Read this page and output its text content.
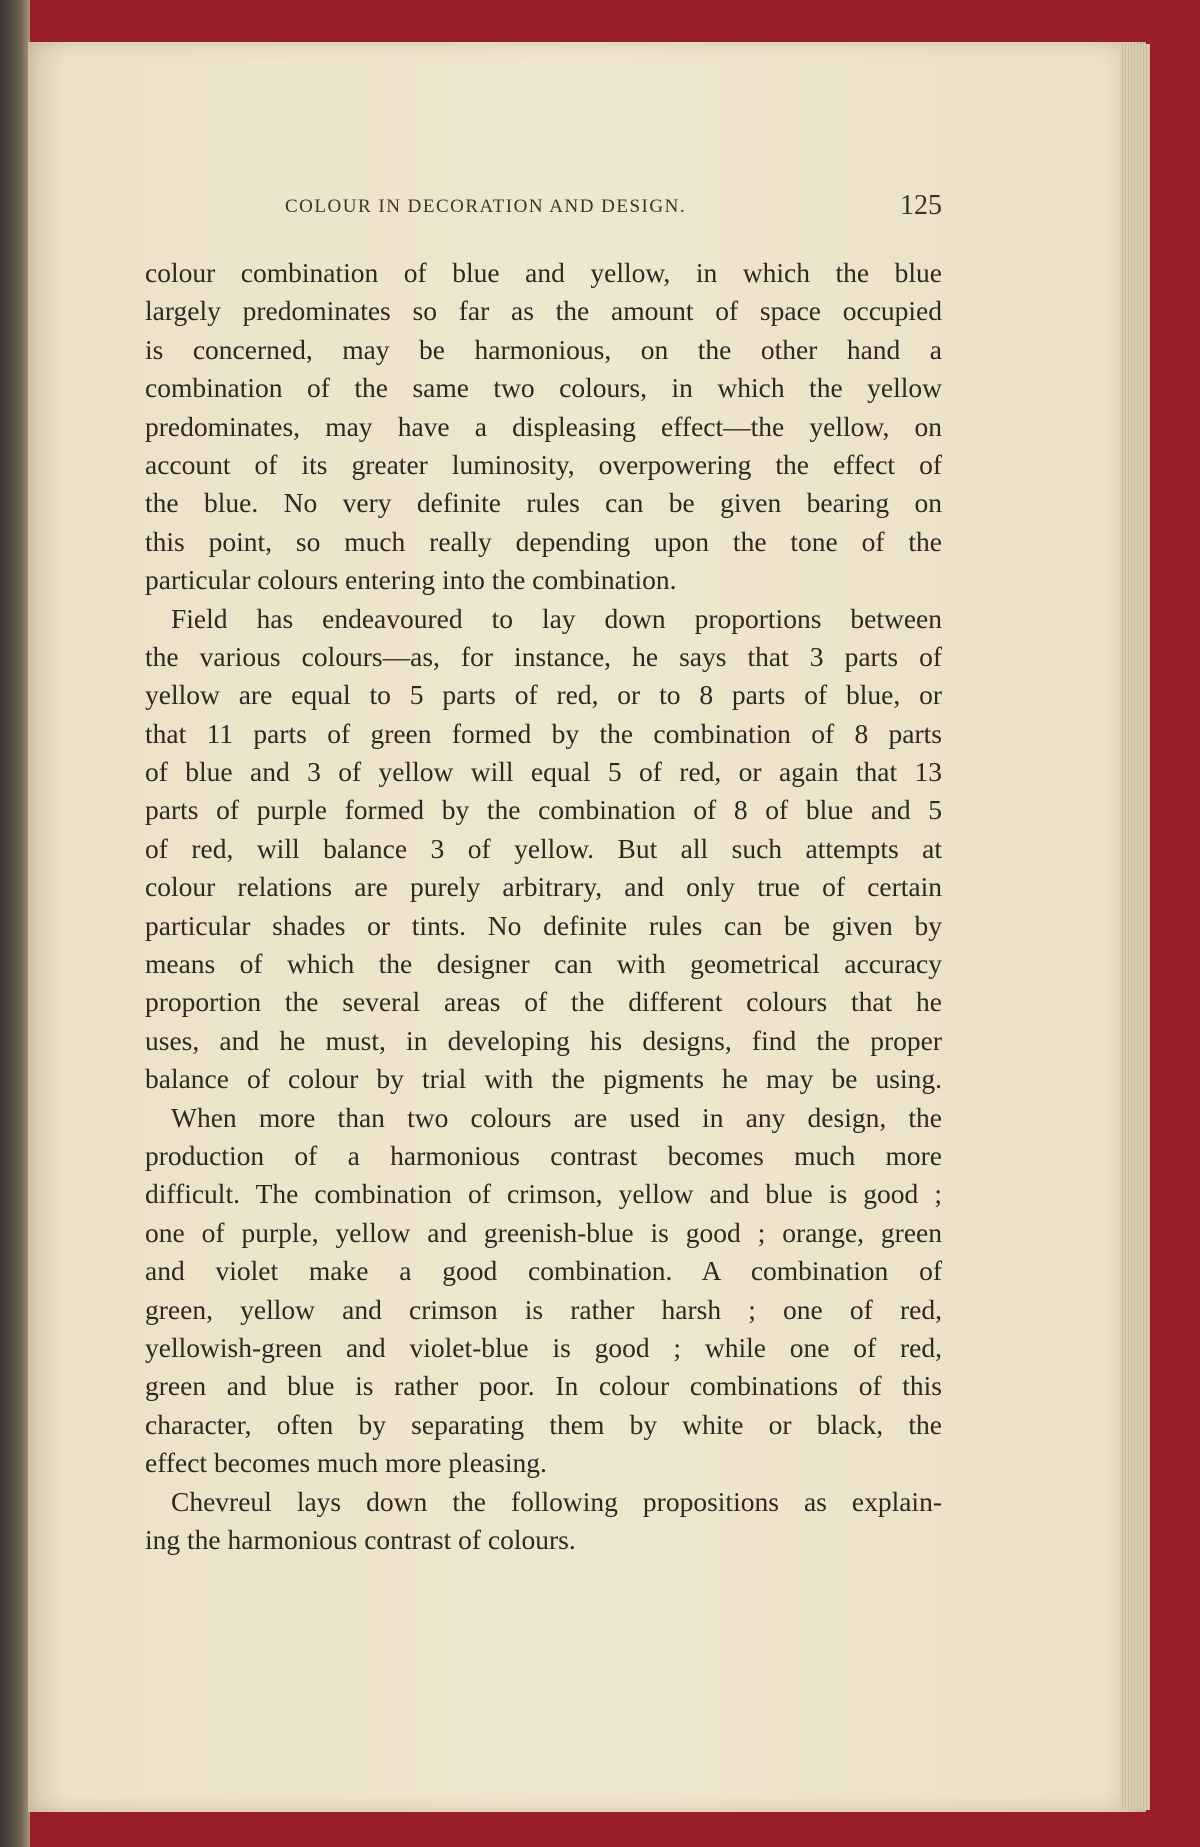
COLOUR IN DECORATION AND DESIGN.	125
colour combination of blue and yellow, in which the blue
largely predominates so far as the amount of space occupied
is concerned, may be harmonious, on the other hand a
combination of the same two colours, in which the yellow
predominates, may have a displeasing effect—the yellow, on
account of its greater luminosity, overpowering the effect of
the blue. No very definite rules can be given bearing on
this point, so much really depending upon the tone of the
particular colours entering into the combination.
Field has endeavoured to lay down proportions between
the various colours—as, for instance, he says that 3 parts of
yellow are equal to 5 parts of red, or to 8 parts of blue, or
that 11 parts of green formed by the combination of 8 parts
of blue and 3 of yellow will equal 5 of red, or again that 13
parts of purple formed by the combination of 8 of blue and 5
of red, will balance 3 of yellow. But all such attempts at
colour relations are purely arbitrary, and only true of certain
particular shades or tints. No definite rules can be given by
means of which the designer can with geometrical accuracy
proportion the several areas of the different colours that he
uses, and he must, in developing his designs, find the proper
balance of colour by trial with the pigments he may be using.
When more than two colours are used in any design, the
production of a harmonious contrast becomes much more
difficult. The combination of crimson, yellow and blue is good ;
one of purple, yellow and greenish-blue is good ; orange, green
and violet make a good combination. A combination of
green, yellow and crimson is rather harsh ; one of red,
yellowish-green and violet-blue is good ; while one of red,
green and blue is rather poor. In colour combinations of this
character, often by separating them by white or black, the
effect becomes much more pleasing.
Chevreul lays down the following propositions as explain-
ing the harmonious contrast of colours.
